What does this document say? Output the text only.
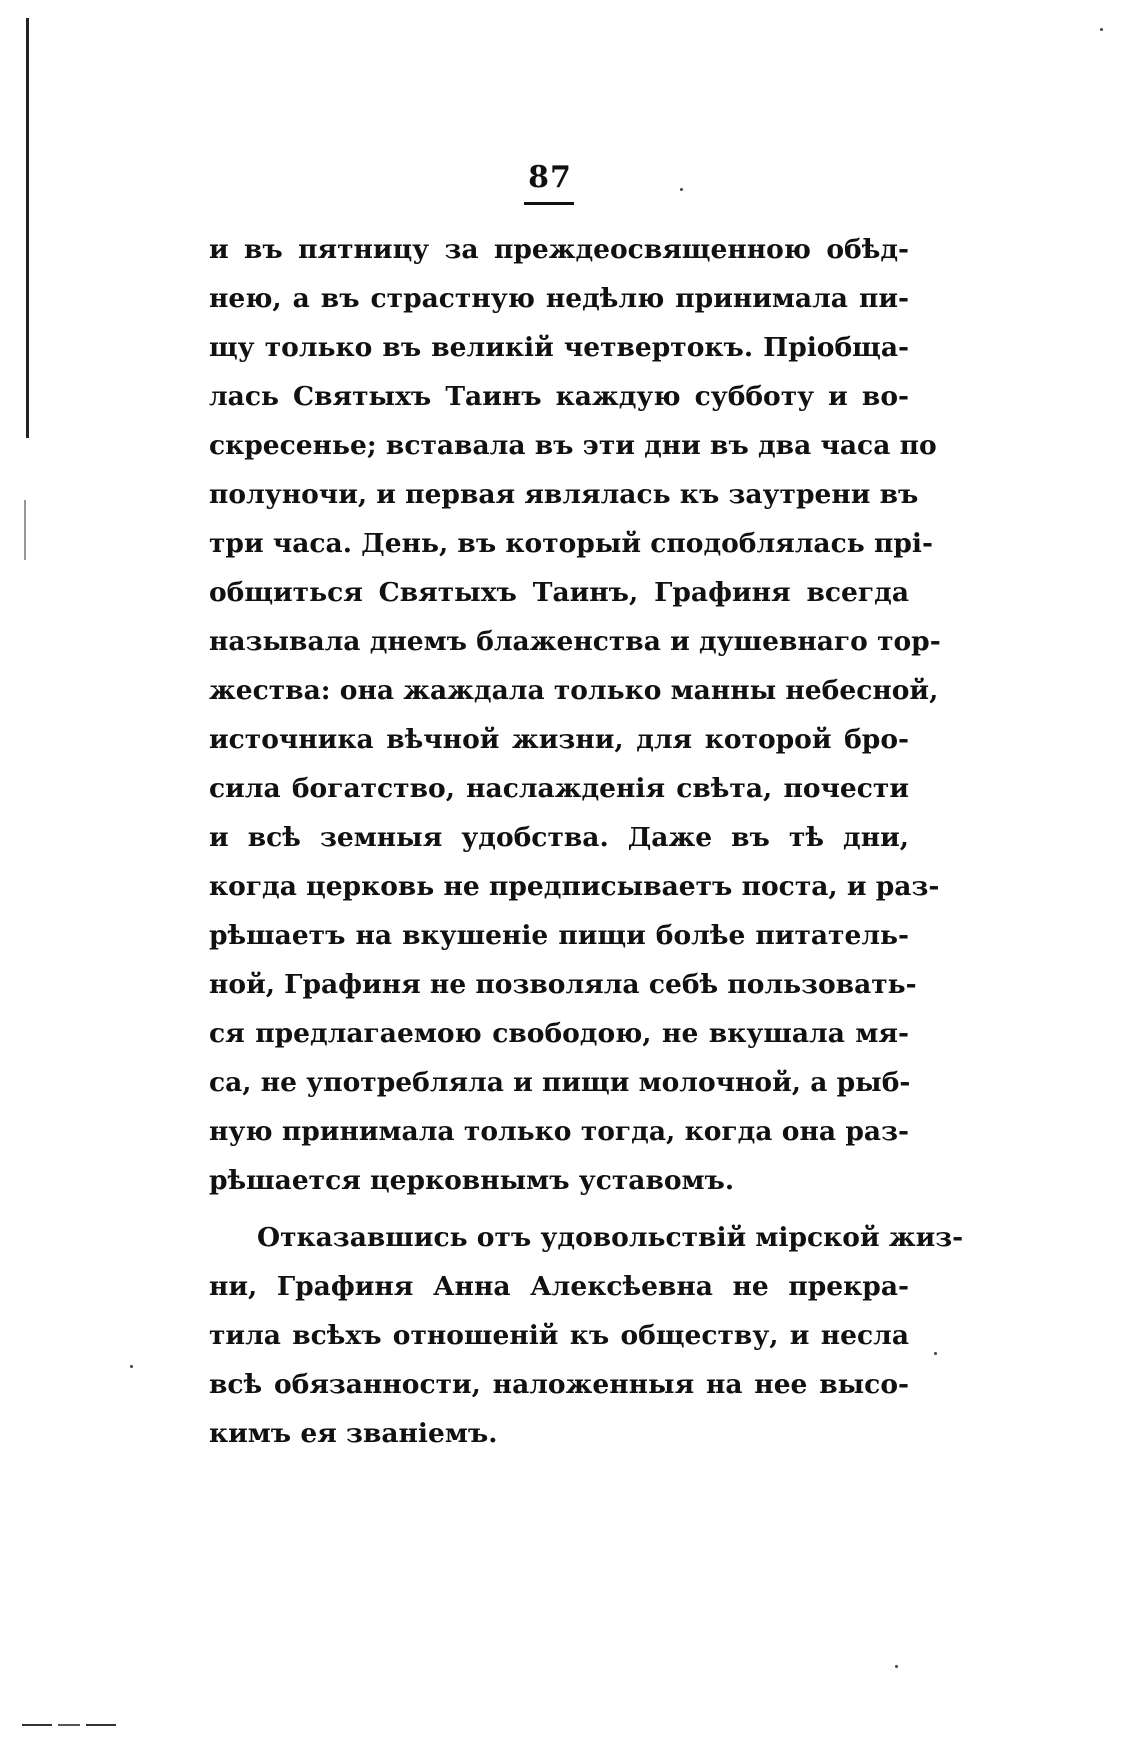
87
и въ пятницу за преждеосвященною обѣд-
нею, а въ страстную недѣлю принимала пи-
щу только въ великій четвертокъ. Пріобща-
лась Святыхъ Таинъ каждую субботу и во-
скресенье; вставала въ эти дни въ два часа по
полуночи, и первая являлась къ заутрени въ
три часа. День, въ который сподоблялась прі-
общиться Святыхъ Таинъ, Графиня всегда
называла днемъ блаженства и душевнаго тор-
жества: она жаждала только манны небесной,
источника вѣчной жизни, для которой бро-
сила богатство, наслажденія свѣта, почести
и всѣ земныя удобства. Даже въ тѣ дни,
когда церковь не предписываетъ поста, и раз-
рѣшаетъ на вкушеніе пищи болѣе питатель-
ной, Графиня не позволяла себѣ пользовать-
ся предлагаемою свободою, не вкушала мя-
са, не употребляла и пищи молочной, а рыб-
ную принимала только тогда, когда она раз-
рѣшается церковнымъ уставомъ.
Отказавшись отъ удовольствій мірской жиз-
ни, Графиня Анна Алексѣевна не прекра-
тила всѣхъ отношеній къ обществу, и несла
всѣ обязанности, наложенныя на нее высо-
кимъ ея званіемъ.
